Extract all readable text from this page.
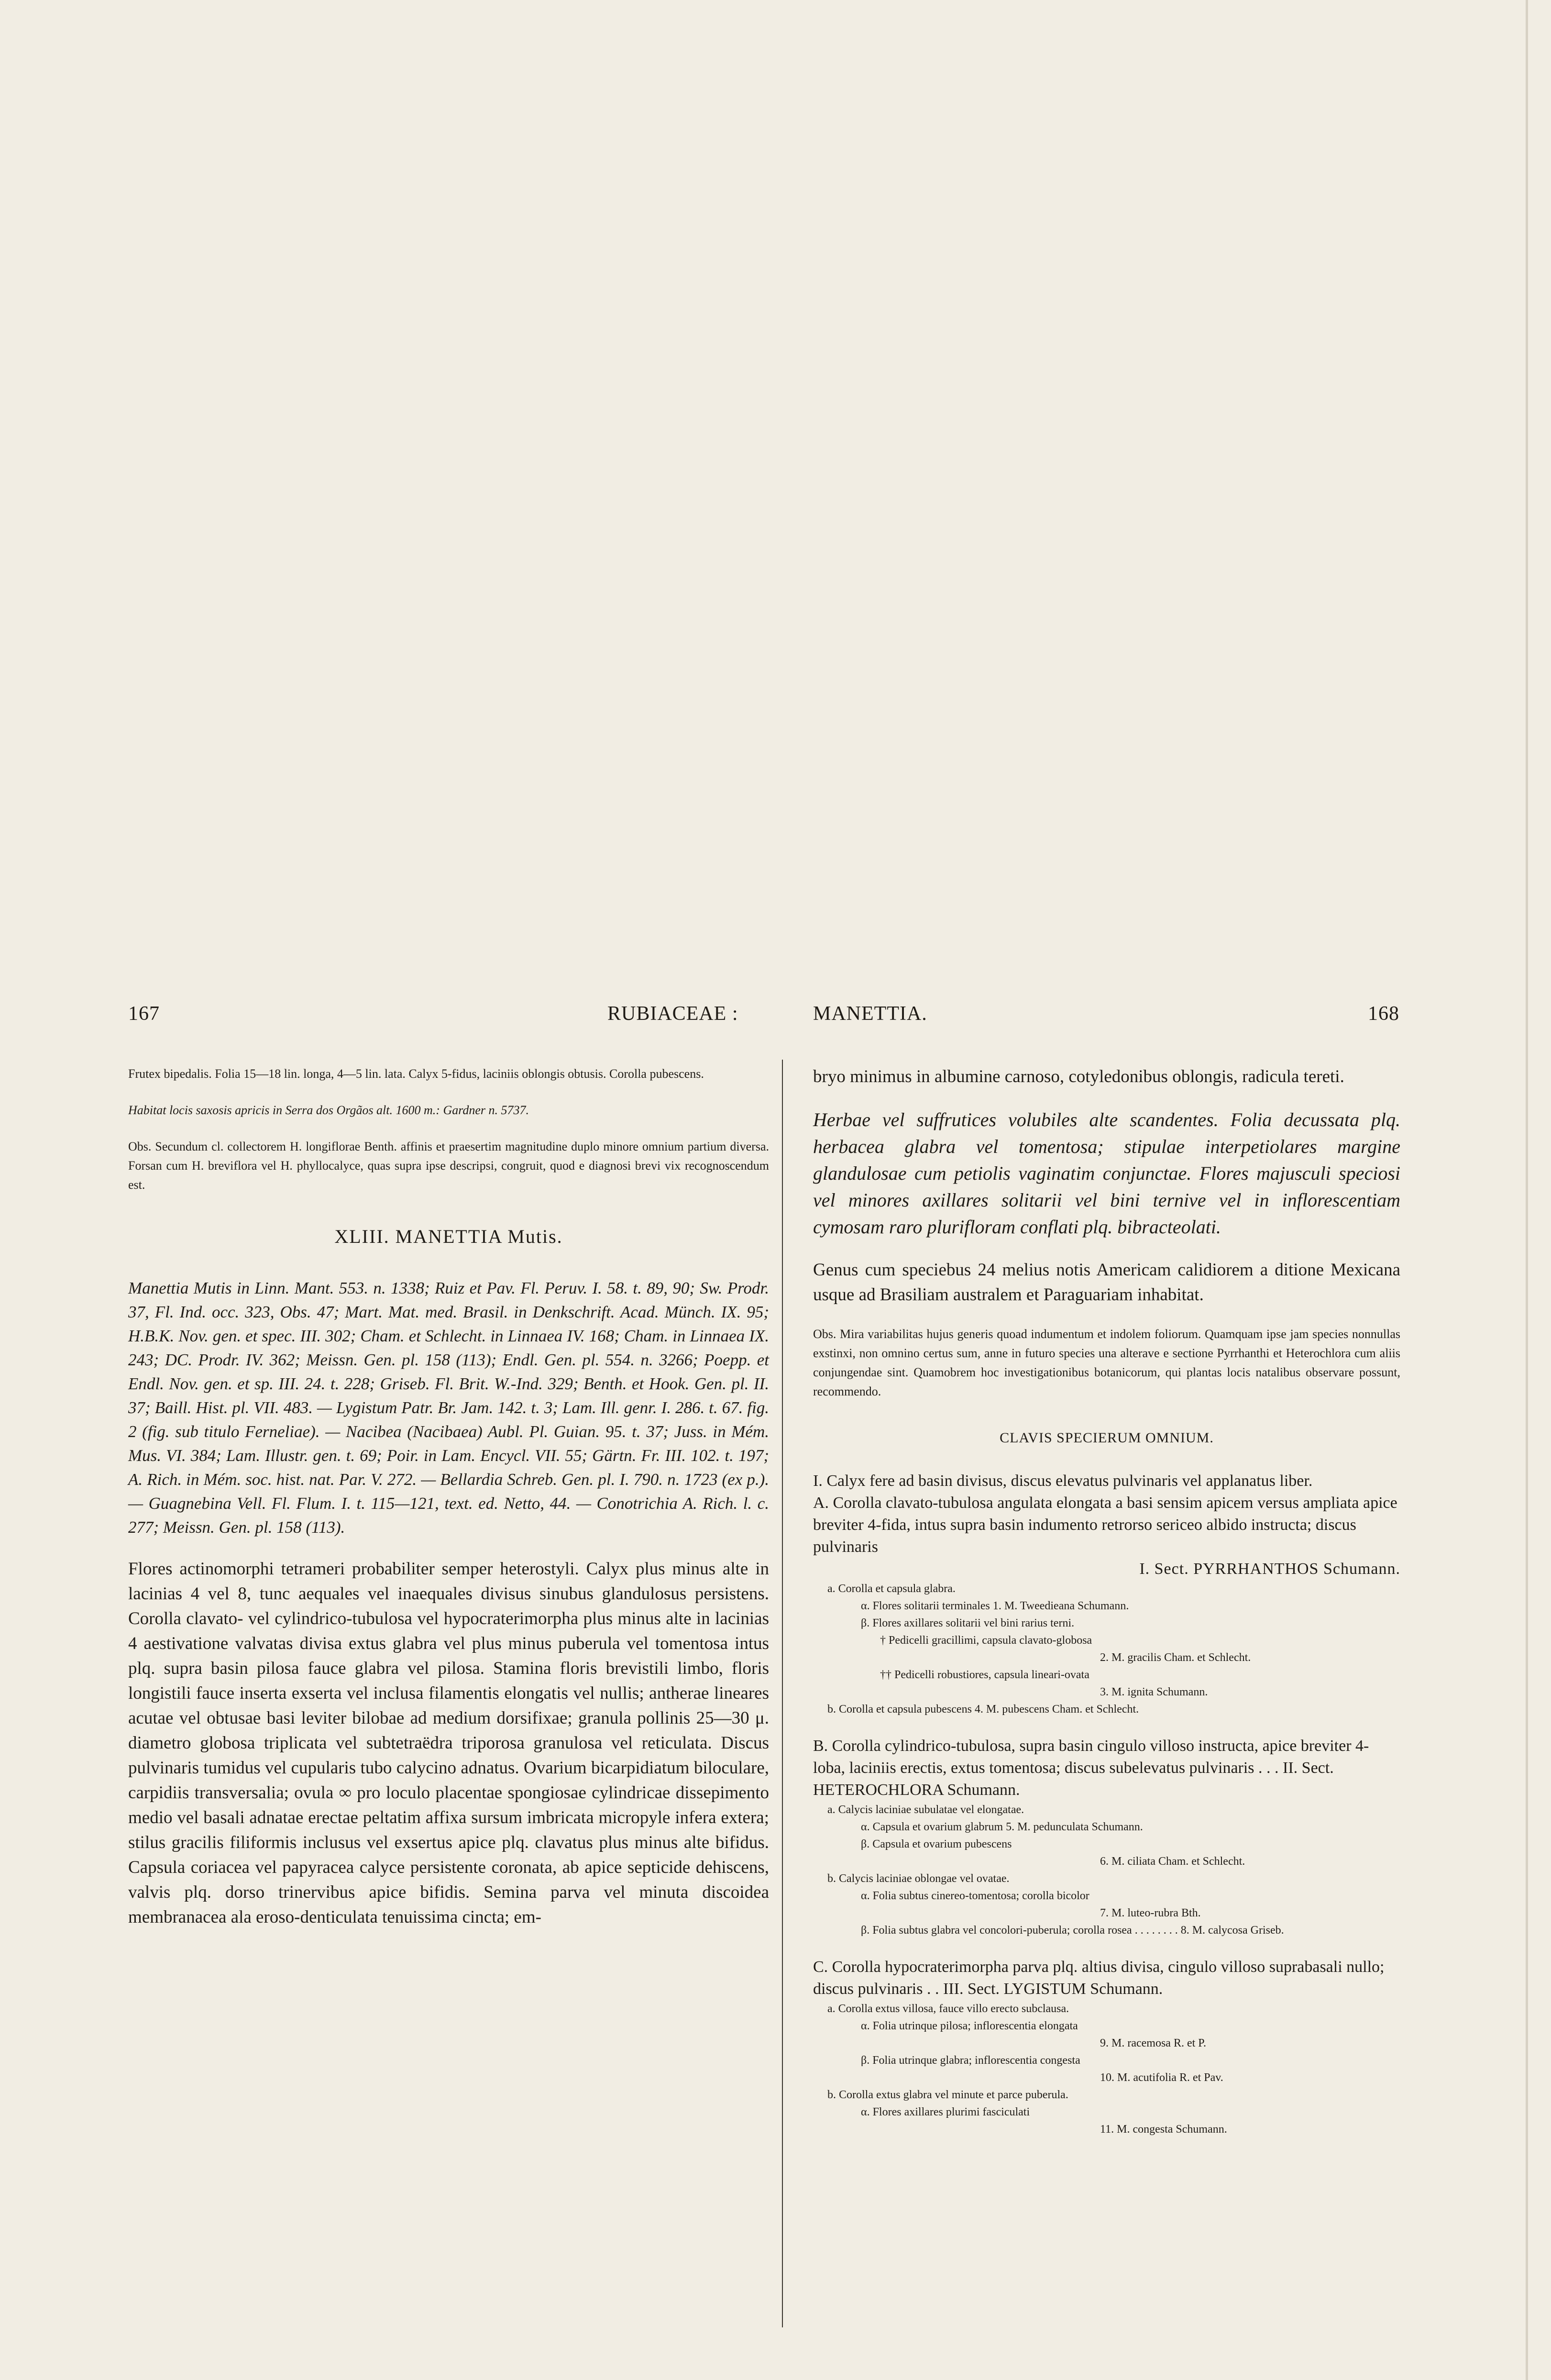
167	RUBIACEAE :	MANETTIA.	168

Frutex bipedalis. Folia 15—18 lin. longa, 4—5 lin. lata. Calyx 5-fidus, laciniis oblongis obtusis. Corolla pubescens.

Habitat locis saxosis apricis in Serra dos Orgãos alt. 1600 m.: Gardner n. 5737.

Obs. Secundum cl. collectorem H. longiflorae Benth. affinis et praesertim magnitudine duplo minore omnium partium diversa. Forsan cum H. breviflora vel H. phyllocalyce, quas supra ipse descripsi, congruit, quod e diagnosi brevi vix recognoscendum est.

XLIII. MANETTIA Mutis.

Manettia Mutis in Linn. Mant. 553. n. 1338; Ruiz et Pav. Fl. Peruv. I. 58. t. 89, 90; Sw. Prodr. 37, Fl. Ind. occ. 323, Obs. 47; Mart. Mat. med. Brasil. in Denkschrift. Acad. Münch. IX. 95; H.B.K. Nov. gen. et spec. III. 302; Cham. et Schlecht. in Linnaea IV. 168; Cham. in Linnaea IX. 243; DC. Prodr. IV. 362; Meissn. Gen. pl. 158 (113); Endl. Gen. pl. 554. n. 3266; Poepp. et Endl. Nov. gen. et sp. III. 24. t. 228; Griseb. Fl. Brit. W.-Ind. 329; Benth. et Hook. Gen. pl. II. 37; Baill. Hist. pl. VII. 483. — Lygistum Patr. Br. Jam. 142. t. 3; Lam. Ill. genr. I. 286. t. 67. fig. 2 (fig. sub titulo Ferneliae). — Nacibea (Nacibaea) Aubl. Pl. Guian. 95. t. 37; Juss. in Mém. Mus. VI. 384; Lam. Illustr. gen. t. 69; Poir. in Lam. Encycl. VII. 55; Gärtn. Fr. III. 102. t. 197; A. Rich. in Mém. soc. hist. nat. Par. V. 272. — Bellardia Schreb. Gen. pl. I. 790. n. 1723 (ex p.). — Guagnebina Vell. Fl. Flum. I. t. 115—121, text. ed. Netto, 44. — Conotrichia A. Rich. l. c. 277; Meissn. Gen. pl. 158 (113).

Flores actinomorphi tetrameri probabiliter semper heterostyli. Calyx plus minus alte in lacinias 4 vel 8, tunc aequales vel inaequales divisus sinubus glandulosus persistens. Corolla clavato- vel cylindrico-tubulosa vel hypocraterimorpha plus minus alte in lacinias 4 aestivatione valvatas divisa extus glabra vel plus minus puberula vel tomentosa intus plq. supra basin pilosa fauce glabra vel pilosa. Stamina floris brevistili limbo, floris longistili fauce inserta exserta vel inclusa filamentis elongatis vel nullis; antherae lineares acutae vel obtusae basi leviter bilobae ad medium dorsifixae; granula pollinis 25—30 μ. diametro globosa triplicata vel subtetraëdra triporosa granulosa vel reticulata. Discus pulvinaris tumidus vel cupularis tubo calycino adnatus. Ovarium bicarpidiatum biloculare, carpidiis transversalia; ovula ∞ pro loculo placentae spongiosae cylindricae dissepimento medio vel basali adnatae erectae peltatim affixa sursum imbricata micropyle infera extera; stilus gracilis filiformis inclusus vel exsertus apice plq. clavatus plus minus alte bifidus. Capsula coriacea vel papyracea calyce persistente coronata, ab apice septicide dehiscens, valvis plq. dorso trinervibus apice bifidis. Semina parva vel minuta discoidea membranacea ala eroso-denticulata tenuissima cincta; em-

bryo minimus in albumine carnoso, cotyledonibus oblongis, radicula tereti.

Herbae vel suffrutices volubiles alte scandentes. Folia decussata plq. herbacea glabra vel tomentosa; stipulae interpetiolares margine glandulosae cum petiolis vaginatim conjunctae. Flores majusculi speciosi vel minores axillares solitarii vel bini ternive vel in inflorescentiam cymosam raro plurifloram conflati plq. bibracteolati.

Genus cum speciebus 24 melius notis Americam calidiorem a ditione Mexicana usque ad Brasiliam australem et Paraguariam inhabitat.

Obs. Mira variabilitas hujus generis quoad indumentum et indolem foliorum. Quamquam ipse jam species nonnullas exstinxi, non omnino certus sum, anne in futuro species una alterave e sectione Pyrrhanthi et Heterochlora cum aliis conjungendae sint. Quamobrem hoc investigationibus botanicorum, qui plantas locis natalibus observare possunt, recommendo.

CLAVIS SPECIERUM OMNIUM.

I. Calyx fere ad basin divisus, discus elevatus pulvinaris vel applanatus liber.

A. Corolla clavato-tubulosa angulata elongata a basi sensim apicem versus ampliata apice breviter 4-fida, intus supra basin indumento retrorso sericeo albido instructa; discus pulvinaris

I. Sect. PYRRHANTHOS Schumann.

a. Corolla et capsula glabra.

α. Flores solitarii terminales 1. M. Tweedieana Schumann.

β. Flores axillares solitarii vel bini rarius terni.

† Pedicelli gracillimi, capsula clavato-globosa

2. M. gracilis Cham. et Schlecht.

†† Pedicelli robustiores, capsula lineari-ovata

3. M. ignita Schumann.

b. Corolla et capsula pubescens 4. M. pubescens Cham. et Schlecht.

B. Corolla cylindrico-tubulosa, supra basin cingulo villoso instructa, apice breviter 4-loba, laciniis erectis, extus tomentosa; discus subelevatus pulvinaris . . . II. Sect. HETEROCHLORA Schumann.

a. Calycis laciniae subulatae vel elongatae.

α. Capsula et ovarium glabrum 5. M. pedunculata Schumann.

β. Capsula et ovarium pubescens

6. M. ciliata Cham. et Schlecht.

b. Calycis laciniae oblongae vel ovatae.

α. Folia subtus cinereo-tomentosa; corolla bicolor

7. M. luteo-rubra Bth.

β. Folia subtus glabra vel concolori-puberula; corolla rosea . . . . . . . . 8. M. calycosa Griseb.

C. Corolla hypocraterimorpha parva plq. altius divisa, cingulo villoso suprabasali nullo; discus pulvinaris . . III. Sect. LYGISTUM Schumann.

a. Corolla extus villosa, fauce villo erecto subclausa.

α. Folia utrinque pilosa; inflorescentia elongata

9. M. racemosa R. et P.

β. Folia utrinque glabra; inflorescentia congesta

10. M. acutifolia R. et Pav.

b. Corolla extus glabra vel minute et parce puberula.

α. Flores axillares plurimi fasciculati

11. M. congesta Schumann.
